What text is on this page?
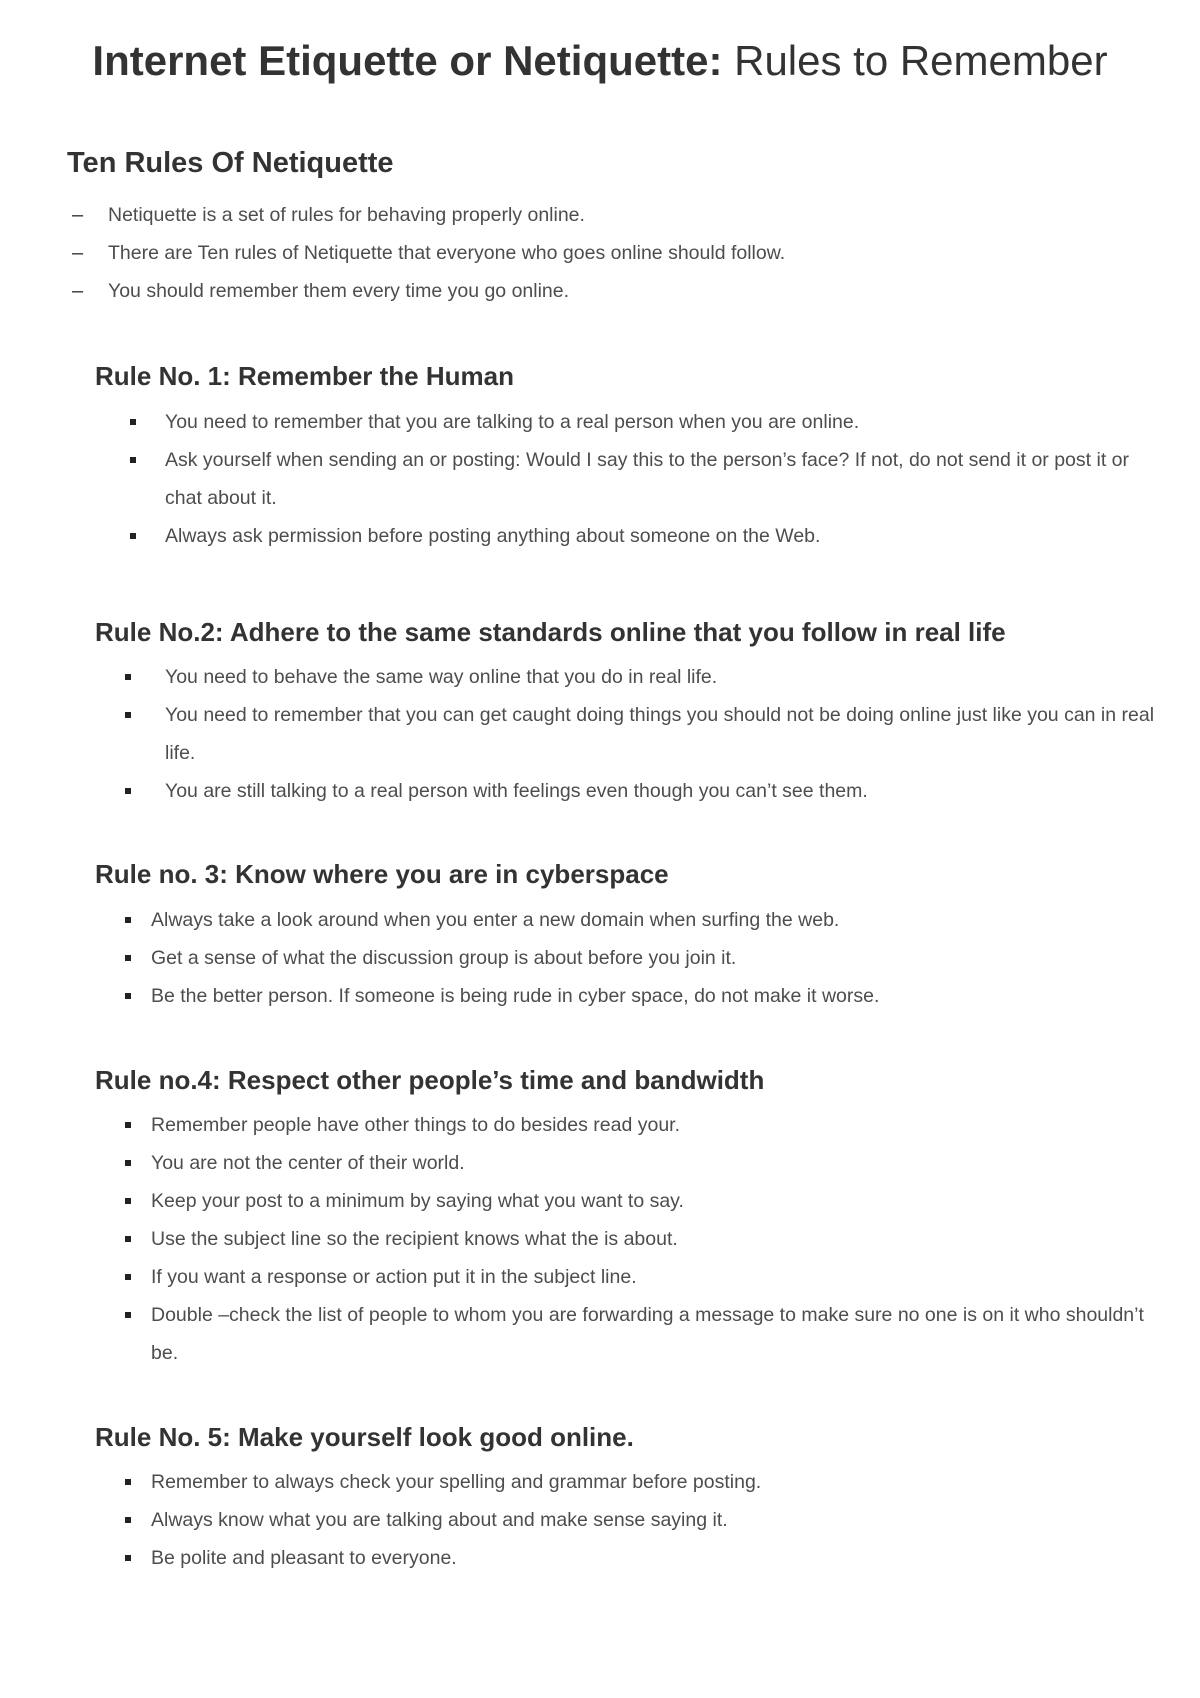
Internet Etiquette or Netiquette: Rules to Remember
Ten Rules Of Netiquette
– Netiquette is a set of rules for behaving properly online.
– There are Ten rules of Netiquette that everyone who goes online should follow.
– You should remember them every time you go online.
Rule No. 1: Remember the Human
You need to remember that you are talking to a real person when you are online.
Ask yourself when sending an or posting: Would I say this to the person’s face? If not, do not send it or post it or chat about it.
Always ask permission before posting anything about someone on the Web.
Rule No.2: Adhere to the same standards online that you follow in real life
You need to behave the same way online that you do in real life.
You need to remember that you can get caught doing things you should not be doing online just like you can in real life.
You are still talking to a real person with feelings even though you can’t see them.
Rule no. 3: Know where you are in cyberspace
Always take a look around when you enter a new domain when surfing the web.
Get a sense of what the discussion group is about before you join it.
Be the better person. If someone is being rude in cyber space, do not make it worse.
Rule no.4: Respect other people’s time and bandwidth
Remember people have other things to do besides read your.
You are not the center of their world.
Keep your post to a minimum by saying what you want to say.
Use the subject line so the recipient knows what the is about.
If you want a response or action put it in the subject line.
Double –check the list of people to whom you are forwarding a message to make sure no one is on it who shouldn’t be.
Rule No. 5: Make yourself look good online.
Remember to always check your spelling and grammar before posting.
Always know what you are talking about and make sense saying it.
Be polite and pleasant to everyone.
